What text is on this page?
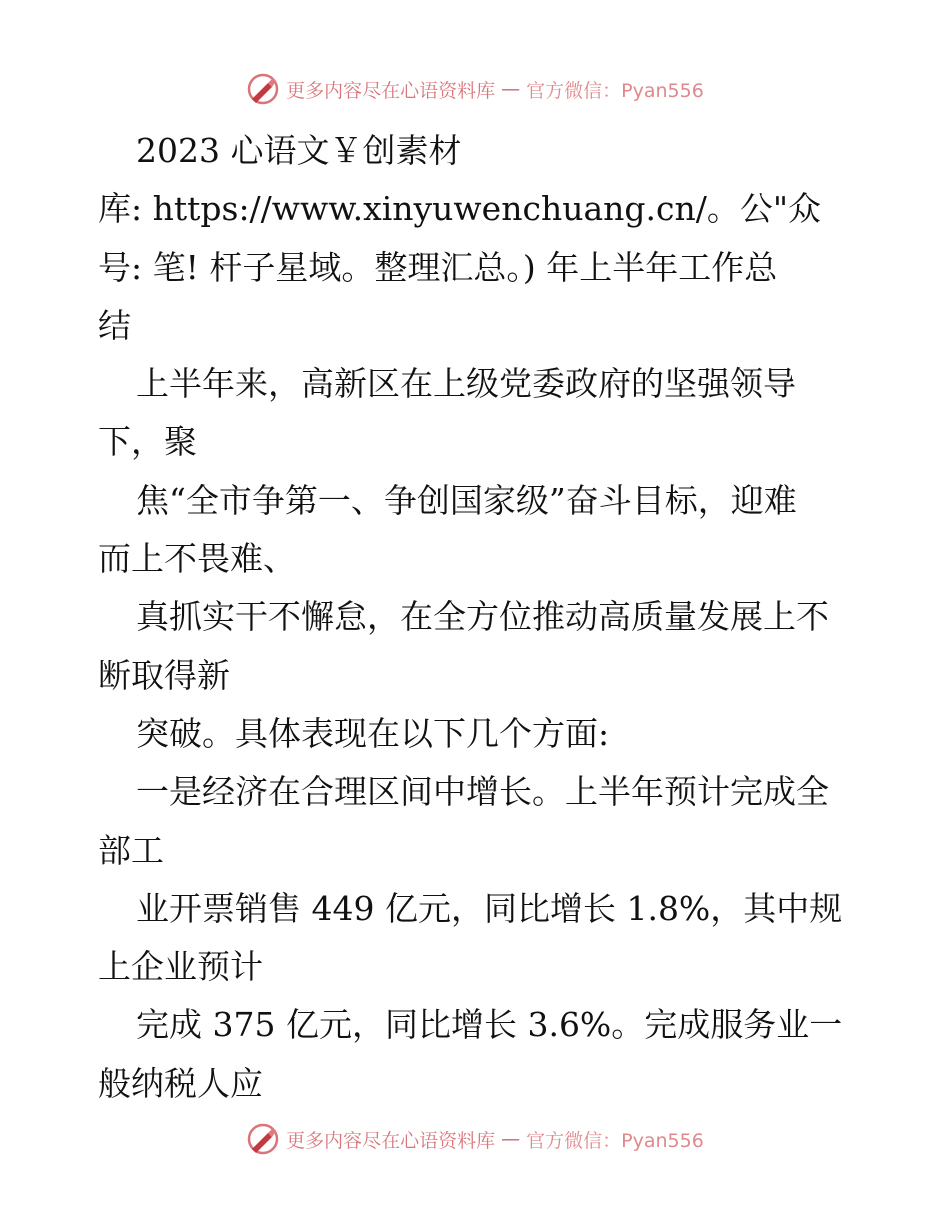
更多内容尽在心语资料库 — 官方微信：Pyan556
2023 心语文￥创素材
库: https://www.xinyuwenchuang.cn/。公"众
号: 笔! 杆子星域。整理汇总。) 年上半年工作总
结
上半年来，高新区在上级党委政府的坚强领导
下，聚
焦“全市争第一、争创国家级”奋斗目标，迎难
而上不畏难、
真抓实干不懈怠，在全方位推动高质量发展上不
断取得新
突破。具体表现在以下几个方面:
一是经济在合理区间中增长。上半年预计完成全
部工
业开票销售 449 亿元，同比增长 1.8%，其中规
上企业预计
完成 375 亿元，同比增长 3.6%。完成服务业一
般纳税人应
更多内容尽在心语资料库 — 官方微信：Pyan556
